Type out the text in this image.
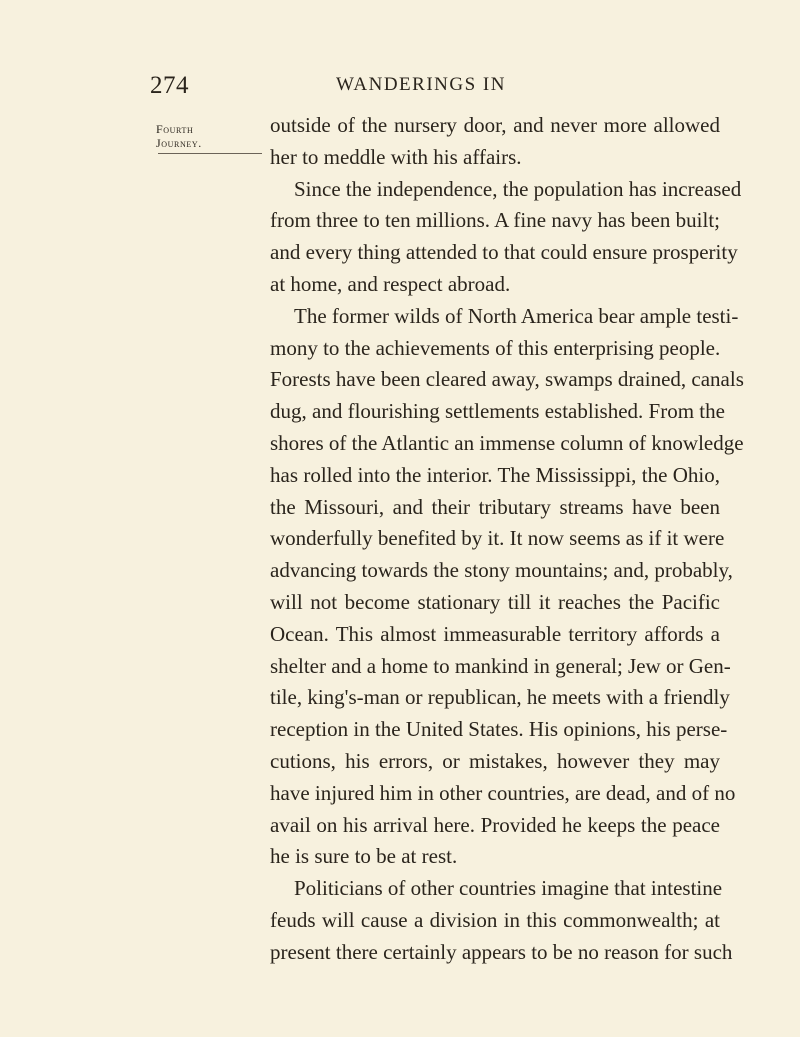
274	WANDERINGS IN
Fourth
Journey.
outside of the nursery door, and never more allowed
her to meddle with his affairs.
Since the independence, the population has increased
from three to ten millions. A fine navy has been built;
and every thing attended to that could ensure prosperity
at home, and respect abroad.
The former wilds of North America bear ample testi-
mony to the achievements of this enterprising people.
Forests have been cleared away, swamps drained, canals
dug, and flourishing settlements established. From the
shores of the Atlantic an immense column of knowledge
has rolled into the interior. The Mississippi, the Ohio,
the Missouri, and their tributary streams have been
wonderfully benefited by it. It now seems as if it were
advancing towards the stony mountains; and, probably,
will not become stationary till it reaches the Pacific
Ocean. This almost immeasurable territory affords a
shelter and a home to mankind in general; Jew or Gen-
tile, king's-man or republican, he meets with a friendly
reception in the United States. His opinions, his perse-
cutions, his errors, or mistakes, however they may
have injured him in other countries, are dead, and of no
avail on his arrival here. Provided he keeps the peace
he is sure to be at rest.
Politicians of other countries imagine that intestine
feuds will cause a division in this commonwealth; at
present there certainly appears to be no reason for such
